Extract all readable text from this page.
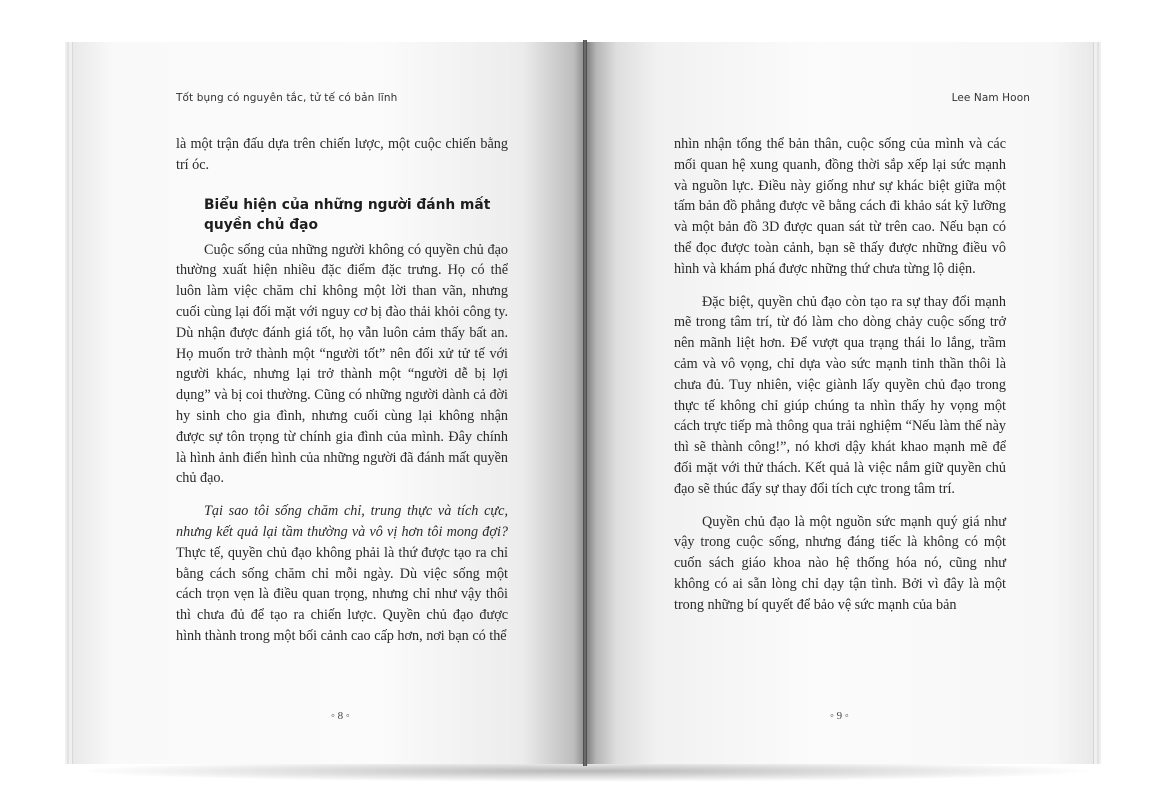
Tốt bụng có nguyên tắc, tử tế có bản lĩnh

là một trận đấu dựa trên chiến lược, một cuộc chiến bằng trí óc.

Biểu hiện của những người đánh mất quyền chủ đạo

Cuộc sống của những người không có quyền chủ đạo thường xuất hiện nhiều đặc điểm đặc trưng. Họ có thể luôn làm việc chăm chỉ không một lời than vãn, nhưng cuối cùng lại đối mặt với nguy cơ bị đào thải khỏi công ty. Dù nhận được đánh giá tốt, họ vẫn luôn cảm thấy bất an. Họ muốn trở thành một “người tốt” nên đối xử tử tế với người khác, nhưng lại trở thành một “người dễ bị lợi dụng” và bị coi thường. Cũng có những người dành cả đời hy sinh cho gia đình, nhưng cuối cùng lại không nhận được sự tôn trọng từ chính gia đình của mình. Đây chính là hình ảnh điển hình của những người đã đánh mất quyền chủ đạo.

Tại sao tôi sống chăm chỉ, trung thực và tích cực, nhưng kết quả lại tầm thường và vô vị hơn tôi mong đợi? Thực tế, quyền chủ đạo không phải là thứ được tạo ra chỉ bằng cách sống chăm chỉ mỗi ngày. Dù việc sống một cách trọn vẹn là điều quan trọng, nhưng chỉ như vậy thôi thì chưa đủ để tạo ra chiến lược. Quyền chủ đạo được hình thành trong một bối cảnh cao cấp hơn, nơi bạn có thể

◦ 8 ◦
Lee Nam Hoon

nhìn nhận tổng thể bản thân, cuộc sống của mình và các mối quan hệ xung quanh, đồng thời sắp xếp lại sức mạnh và nguồn lực. Điều này giống như sự khác biệt giữa một tấm bản đồ phẳng được vẽ bằng cách đi khảo sát kỹ lưỡng và một bản đồ 3D được quan sát từ trên cao. Nếu bạn có thể đọc được toàn cảnh, bạn sẽ thấy được những điều vô hình và khám phá được những thứ chưa từng lộ diện.

Đặc biệt, quyền chủ đạo còn tạo ra sự thay đổi mạnh mẽ trong tâm trí, từ đó làm cho dòng chảy cuộc sống trở nên mãnh liệt hơn. Để vượt qua trạng thái lo lắng, trầm cảm và vô vọng, chỉ dựa vào sức mạnh tinh thần thôi là chưa đủ. Tuy nhiên, việc giành lấy quyền chủ đạo trong thực tế không chỉ giúp chúng ta nhìn thấy hy vọng một cách trực tiếp mà thông qua trải nghiệm “Nếu làm thế này thì sẽ thành công!”, nó khơi dậy khát khao mạnh mẽ để đối mặt với thử thách. Kết quả là việc nắm giữ quyền chủ đạo sẽ thúc đẩy sự thay đổi tích cực trong tâm trí.

Quyền chủ đạo là một nguồn sức mạnh quý giá như vậy trong cuộc sống, nhưng đáng tiếc là không có một cuốn sách giáo khoa nào hệ thống hóa nó, cũng như không có ai sẵn lòng chỉ dạy tận tình. Bởi vì đây là một trong những bí quyết để bảo vệ sức mạnh của bản

◦ 9 ◦
